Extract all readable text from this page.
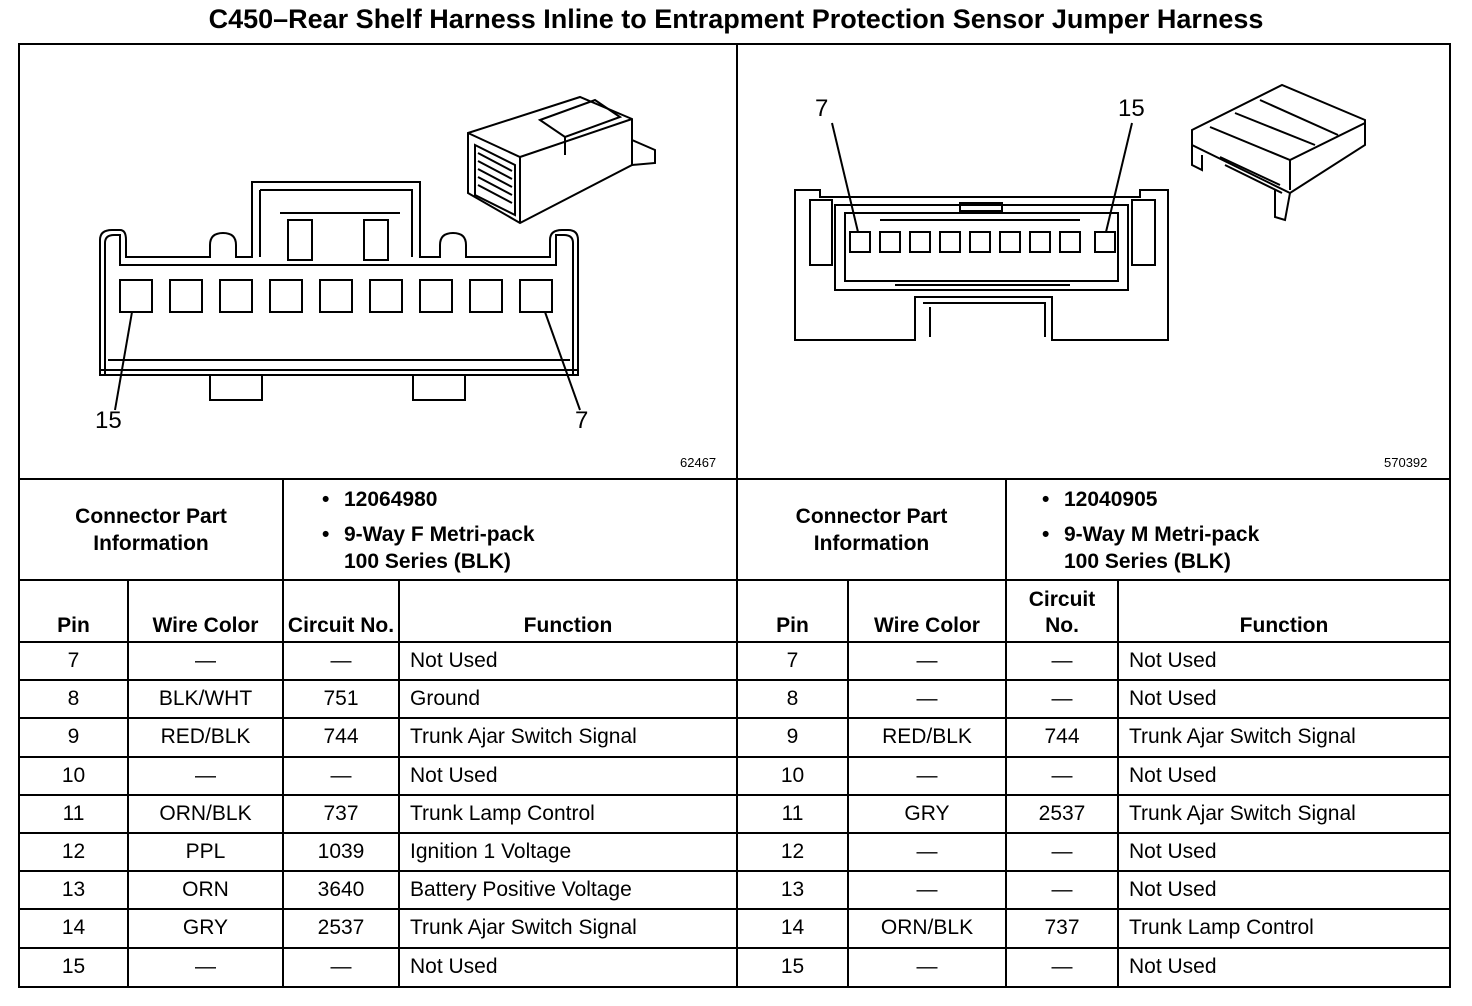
C450–Rear Shelf Harness Inline to Entrapment Protection Sensor Jumper Harness
15	7
62467
7	15
570392
Connector Part Information
• 12064980
• 9-Way F Metri-pack
100 Series (BLK)
Connector Part Information
• 12040905
• 9-Way M Metri-pack
100 Series (BLK)
Pin	Wire Color	Circuit No.	Function
7	—	—	Not Used
8	BLK/WHT	751	Ground
9	RED/BLK	744	Trunk Ajar Switch Signal
10	—	—	Not Used
11	ORN/BLK	737	Trunk Lamp Control
12	PPL	1039	Ignition 1 Voltage
13	ORN	3640	Battery Positive Voltage
14	GRY	2537	Trunk Ajar Switch Signal
15	—	—	Not Used
Pin	Wire Color	Circuit No.	Function
7	—	—	Not Used
8	—	—	Not Used
9	RED/BLK	744	Trunk Ajar Switch Signal
10	—	—	Not Used
11	GRY	2537	Trunk Ajar Switch Signal
12	—	—	Not Used
13	—	—	Not Used
14	ORN/BLK	737	Trunk Lamp Control
15	—	—	Not Used
